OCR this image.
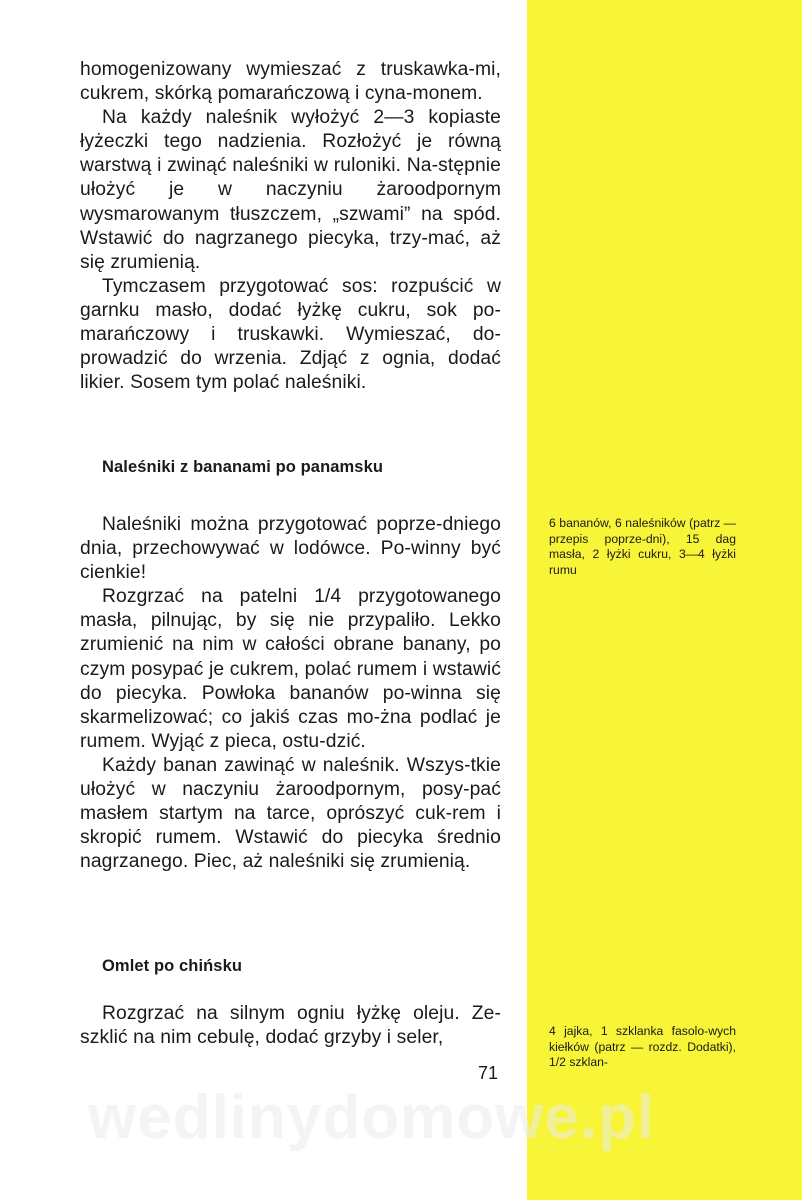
homogenizowany wymieszać z truskawka-mi, cukrem, skórką pomarańczową i cyna-monem.

Na każdy naleśnik wyłożyć 2—3 kopiaste łyżeczki tego nadzienia. Rozłożyć je równą warstwą i zwinąć naleśniki w ruloniki. Na-stępnie ułożyć je w naczyniu żaroodpornym wysmarowanym tłuszczem, „szwami” na spód. Wstawić do nagrzanego piecyka, trzy-mać, aż się zrumienią.

Tymczasem przygotować sos: rozpuścić w garnku masło, dodać łyżkę cukru, sok po-marańczowy i truskawki. Wymieszać, do-prowadzić do wrzenia. Zdjąć z ognia, dodać likier. Sosem tym polać naleśniki.

Naleśniki z bananami po panamsku

6 bananów, 6 naleśników (patrz — przepis poprze-dni), 15 dag masła, 2 łyżki cukru, 3—4 łyżki rumu

Naleśniki można przygotować poprze-dniego dnia, przechowywać w lodówce. Po-winny być cienkie!

Rozgrzać na patelni 1/4 przygotowanego masła, pilnując, by się nie przypaliło. Lekko zrumienić na nim w całości obrane banany, po czym posypać je cukrem, polać rumem i wstawić do piecyka. Powłoka bananów po-winna się skarmelizować; co jakiś czas mo-żna podlać je rumem. Wyjąć z pieca, ostu-dzić.

Każdy banan zawinąć w naleśnik. Wszys-tkie ułożyć w naczyniu żaroodpornym, posy-pać masłem startym na tarce, oprószyć cuk-rem i skropić rumem. Wstawić do piecyka średnio nagrzanego. Piec, aż naleśniki się zrumienią.

Omlet po chińsku

4 jajka, 1 szklanka fasolo-wych kiełków (patrz — rozdz. Dodatki), 1/2 szklan-

Rozgrzać na silnym ogniu łyżkę oleju. Ze-szklić na nim cebulę, dodać grzyby i seler,

71

wedlinydomowe.pl
